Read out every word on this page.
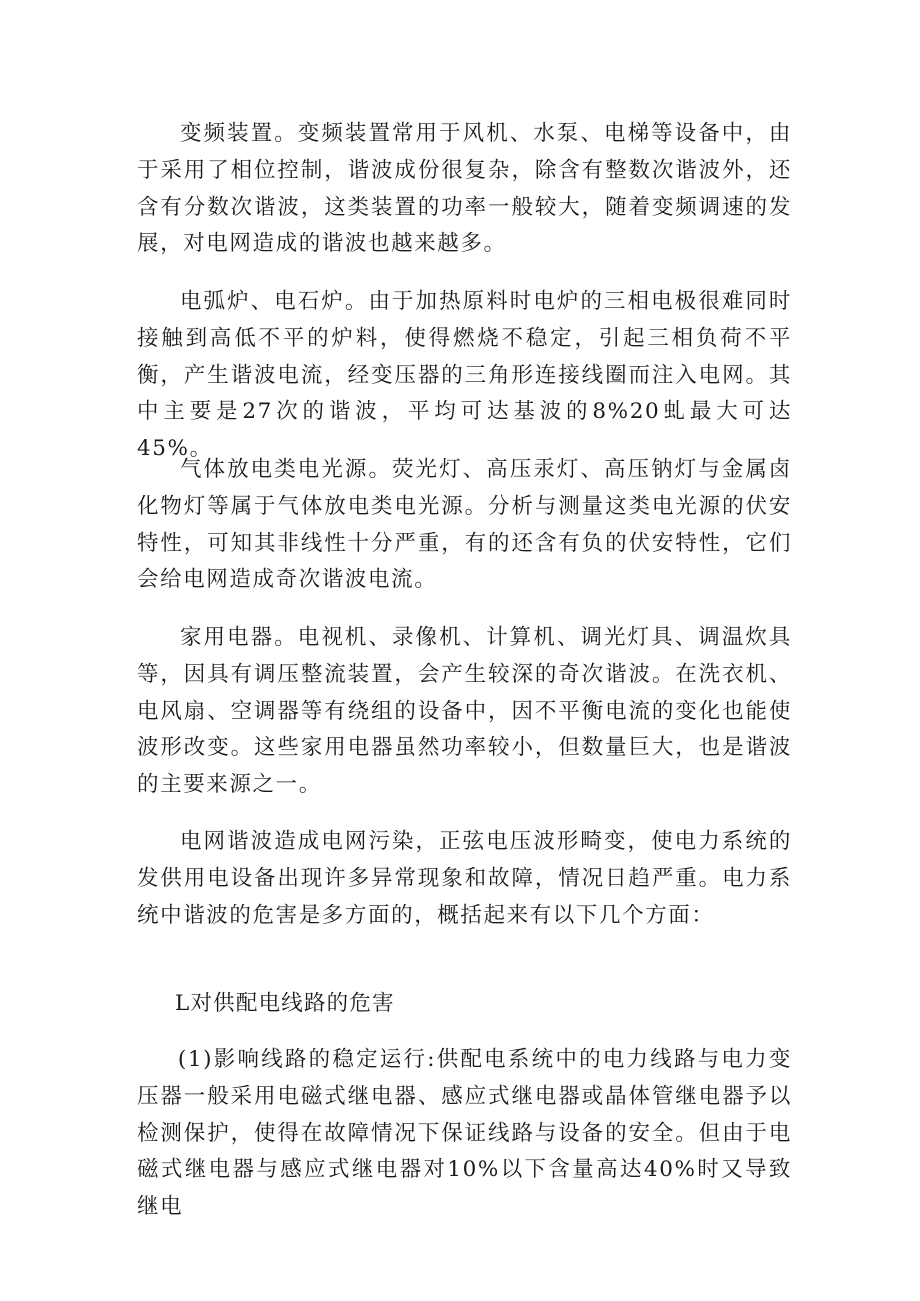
变频装置。变频装置常用于风机、水泵、电梯等设备中，由于采用了相位控制，谐波成份很复杂，除含有整数次谐波外，还含有分数次谐波，这类装置的功率一般较大，随着变频调速的发展，对电网造成的谐波也越来越多。

电弧炉、电石炉。由于加热原料时电炉的三相电极很难同时接触到高低不平的炉料，使得燃烧不稳定，引起三相负荷不平衡，产生谐波电流，经变压器的三角形连接线圈而注入电网。其中主要是27次的谐波，平均可达基波的8%20虬最大可达45%。

气体放电类电光源。荧光灯、高压汞灯、高压钠灯与金属卤化物灯等属于气体放电类电光源。分析与测量这类电光源的伏安特性，可知其非线性十分严重，有的还含有负的伏安特性，它们会给电网造成奇次谐波电流。

家用电器。电视机、录像机、计算机、调光灯具、调温炊具等，因具有调压整流装置，会产生较深的奇次谐波。在洗衣机、电风扇、空调器等有绕组的设备中，因不平衡电流的变化也能使波形改变。这些家用电器虽然功率较小，但数量巨大，也是谐波的主要来源之一。

电网谐波造成电网污染，正弦电压波形畸变，使电力系统的发供用电设备出现许多异常现象和故障，情况日趋严重。电力系统中谐波的危害是多方面的，概括起来有以下几个方面：

L对供配电线路的危害

(1)影响线路的稳定运行:供配电系统中的电力线路与电力变压器一般采用电磁式继电器、感应式继电器或晶体管继电器予以检测保护，使得在故障情况下保证线路与设备的安全。但由于电磁式继电器与感应式继电器对10%以下含量高达40%时又导致继电
